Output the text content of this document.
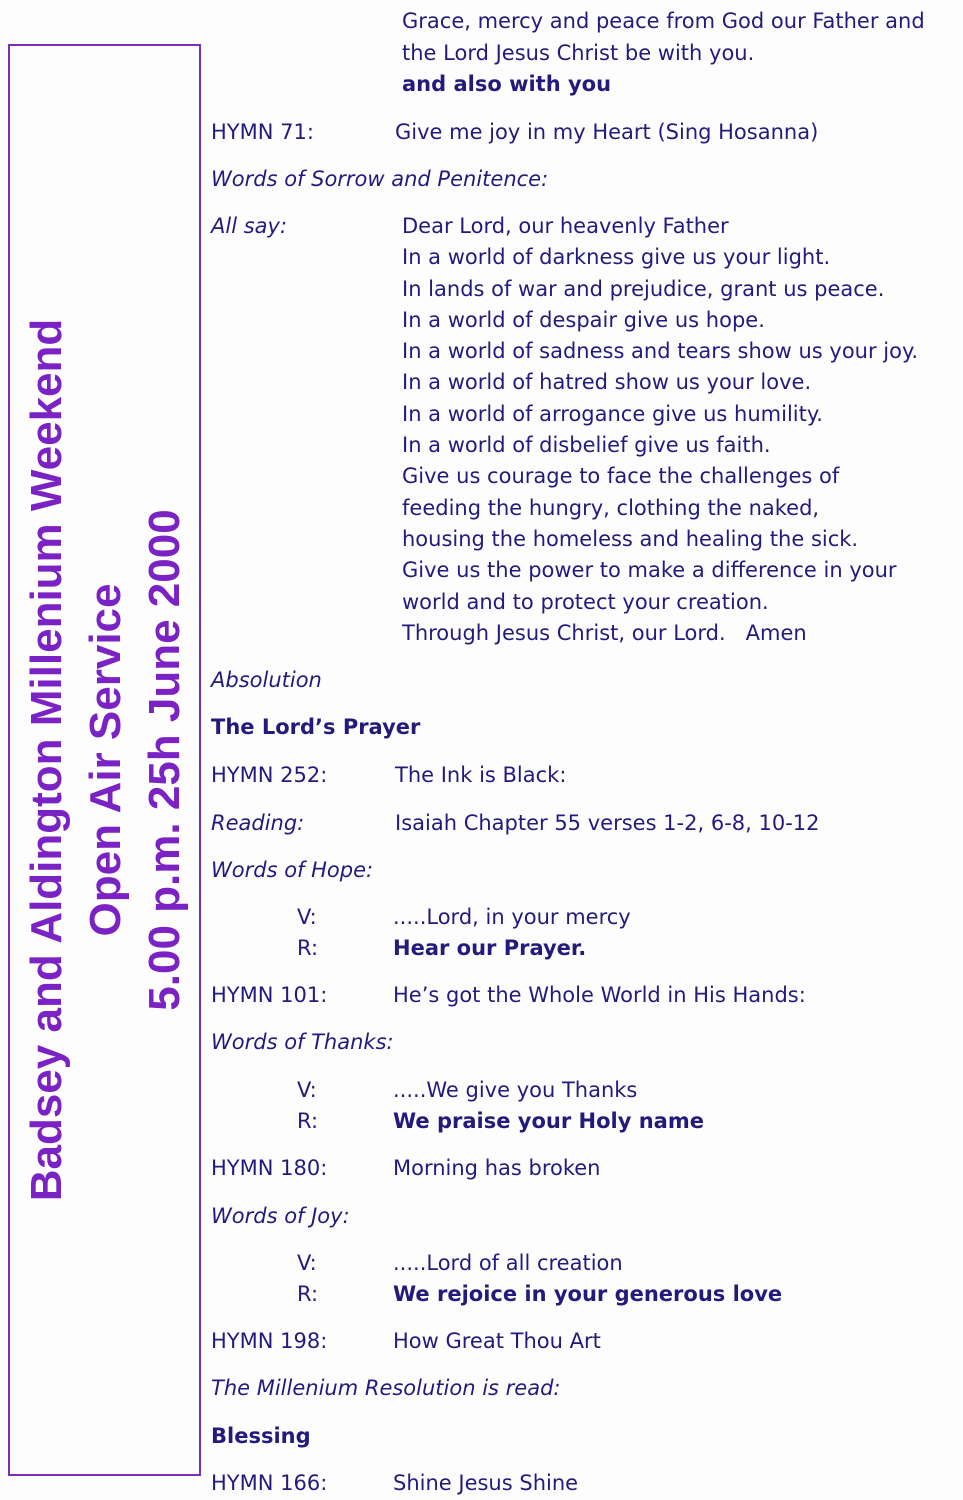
Badsey and Aldington Millenium Weekend Open Air Service 5.00 p.m. 25h June 2000
Grace, mercy and peace from God our Father and
the Lord Jesus Christ be with you.
and also with you
HYMN 71:	Give me joy in my Heart (Sing Hosanna)
Words of Sorrow and Penitence:
All say:	Dear Lord, our heavenly Father
In a world of darkness give us your light.
In lands of war and prejudice, grant us peace.
In a world of despair give us hope.
In a world of sadness and tears show us your joy.
In a world of hatred show us your love.
In a world of arrogance give us humility.
In a world of disbelief give us faith.
Give us courage to face the challenges of
feeding the hungry, clothing the naked,
housing the homeless and healing the sick.
Give us the power to make a difference in your
world and to protect your creation.
Through Jesus Christ, our Lord.   Amen
Absolution
The Lord’s Prayer
HYMN 252:	The Ink is Black:
Reading:	Isaiah Chapter 55 verses 1-2, 6-8, 10-12
Words of Hope:
V:	.....Lord, in your mercy
R:	Hear our Prayer.
HYMN 101:	He’s got the Whole World in His Hands:
Words of Thanks:
V:	.....We give you Thanks
R:	We praise your Holy name
HYMN 180:	Morning has broken
Words of Joy:
V:	.....Lord of all creation
R:	We rejoice in your generous love
HYMN 198:	How Great Thou Art
The Millenium Resolution is read:
Blessing
HYMN 166:	Shine Jesus Shine
